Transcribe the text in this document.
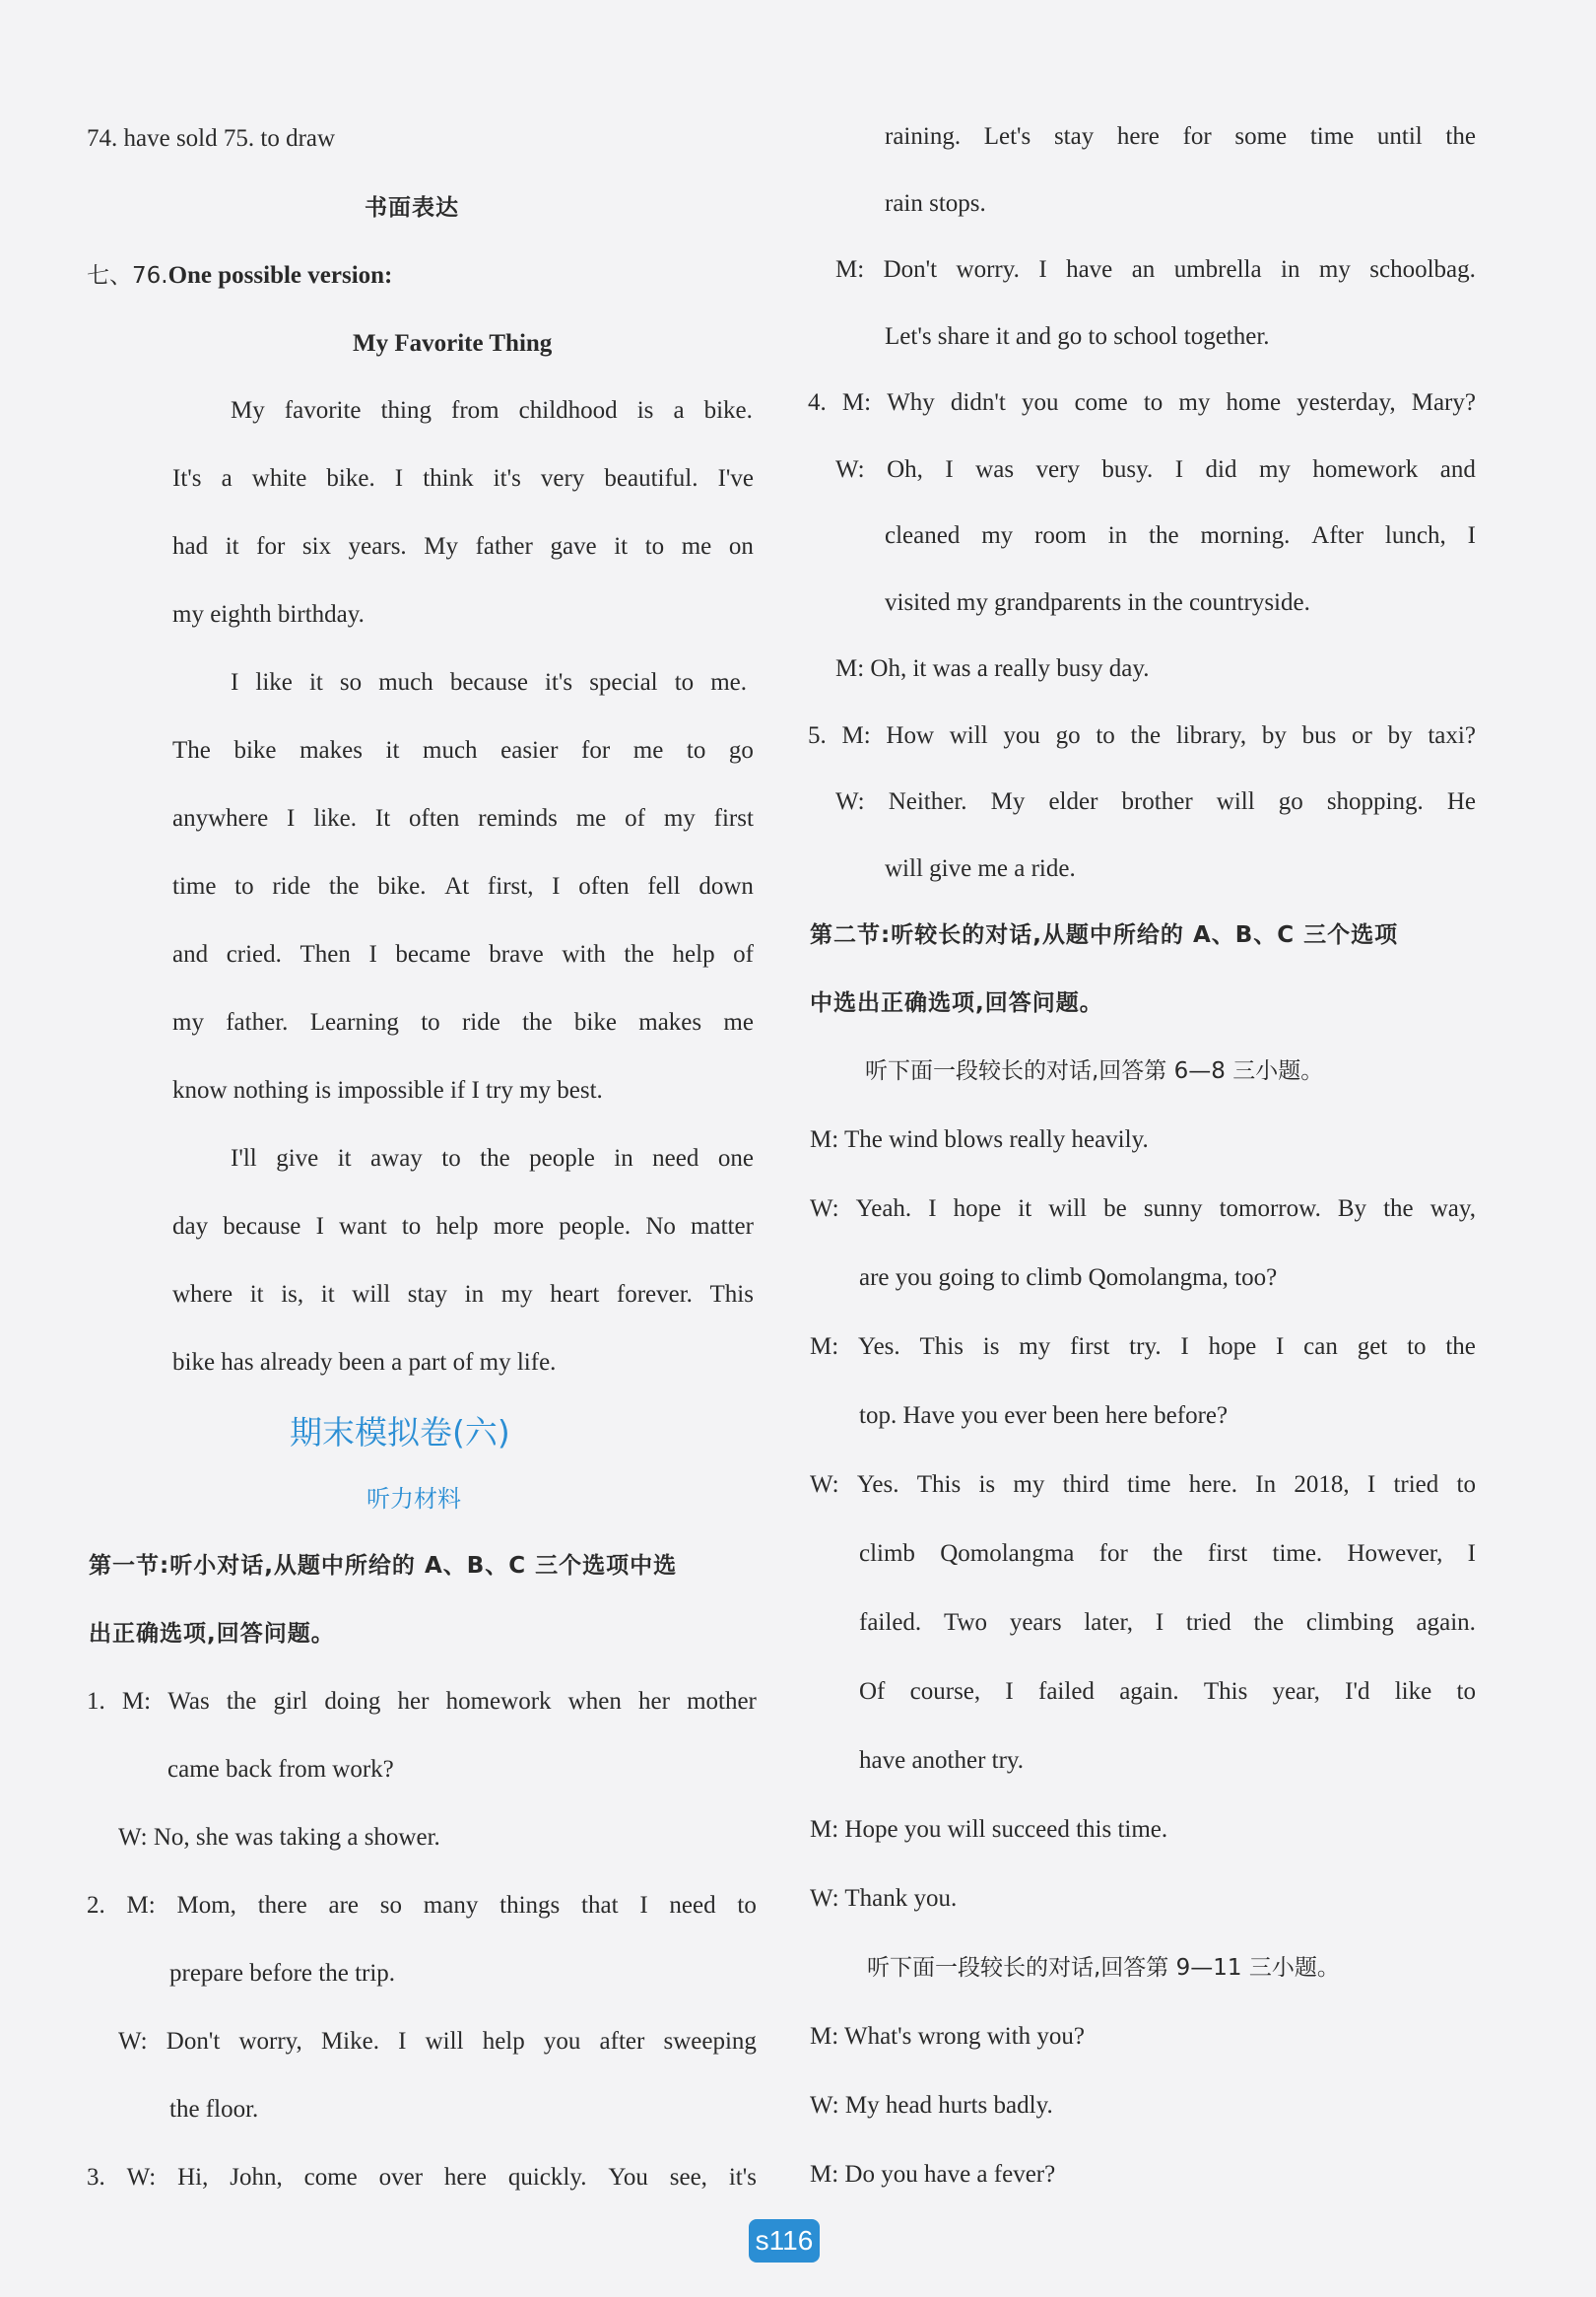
74. have sold 75. to draw
书面表达
七、76.One possible version:
My Favorite Thing
My favorite thing from childhood is a bike.
It's a white bike. I think it's very beautiful. I've
had it for six years. My father gave it to me on
my eighth birthday.
I like it so much because it's special to me.
The bike makes it much easier for me to go
anywhere I like. It often reminds me of my first
time to ride the bike. At first, I often fell down
and cried. Then I became brave with the help of
my father. Learning to ride the bike makes me
know nothing is impossible if I try my best.
I'll give it away to the people in need one
day because I want to help more people. No matter
where it is, it will stay in my heart forever. This
bike has already been a part of my life.
期末模拟卷(六)
听力材料
第一节:听小对话,从题中所给的 A、B、C 三个选项中选
出正确选项,回答问题。
1. M: Was the girl doing her homework when her mother
came back from work?
W: No, she was taking a shower.
2. M: Mom, there are so many things that I need to
prepare before the trip.
W: Don't worry, Mike. I will help you after sweeping
the floor.
3. W: Hi, John, come over here quickly. You see, it's
raining. Let's stay here for some time until the
rain stops.
M: Don't worry. I have an umbrella in my schoolbag.
Let's share it and go to school together.
4. M: Why didn't you come to my home yesterday, Mary?
W: Oh, I was very busy. I did my homework and
cleaned my room in the morning. After lunch, I
visited my grandparents in the countryside.
M: Oh, it was a really busy day.
5. M: How will you go to the library, by bus or by taxi?
W: Neither. My elder brother will go shopping. He
will give me a ride.
第二节:听较长的对话,从题中所给的 A、B、C 三个选项
中选出正确选项,回答问题。
听下面一段较长的对话,回答第 6—8 三小题。
M: The wind blows really heavily.
W: Yeah. I hope it will be sunny tomorrow. By the way,
are you going to climb Qomolangma, too?
M: Yes. This is my first try. I hope I can get to the
top. Have you ever been here before?
W: Yes. This is my third time here. In 2018, I tried to
climb Qomolangma for the first time. However, I
failed. Two years later, I tried the climbing again.
Of course, I failed again. This year, I'd like to
have another try.
M: Hope you will succeed this time.
W: Thank you.
听下面一段较长的对话,回答第 9—11 三小题。
M: What's wrong with you?
W: My head hurts badly.
M: Do you have a fever?
s116
